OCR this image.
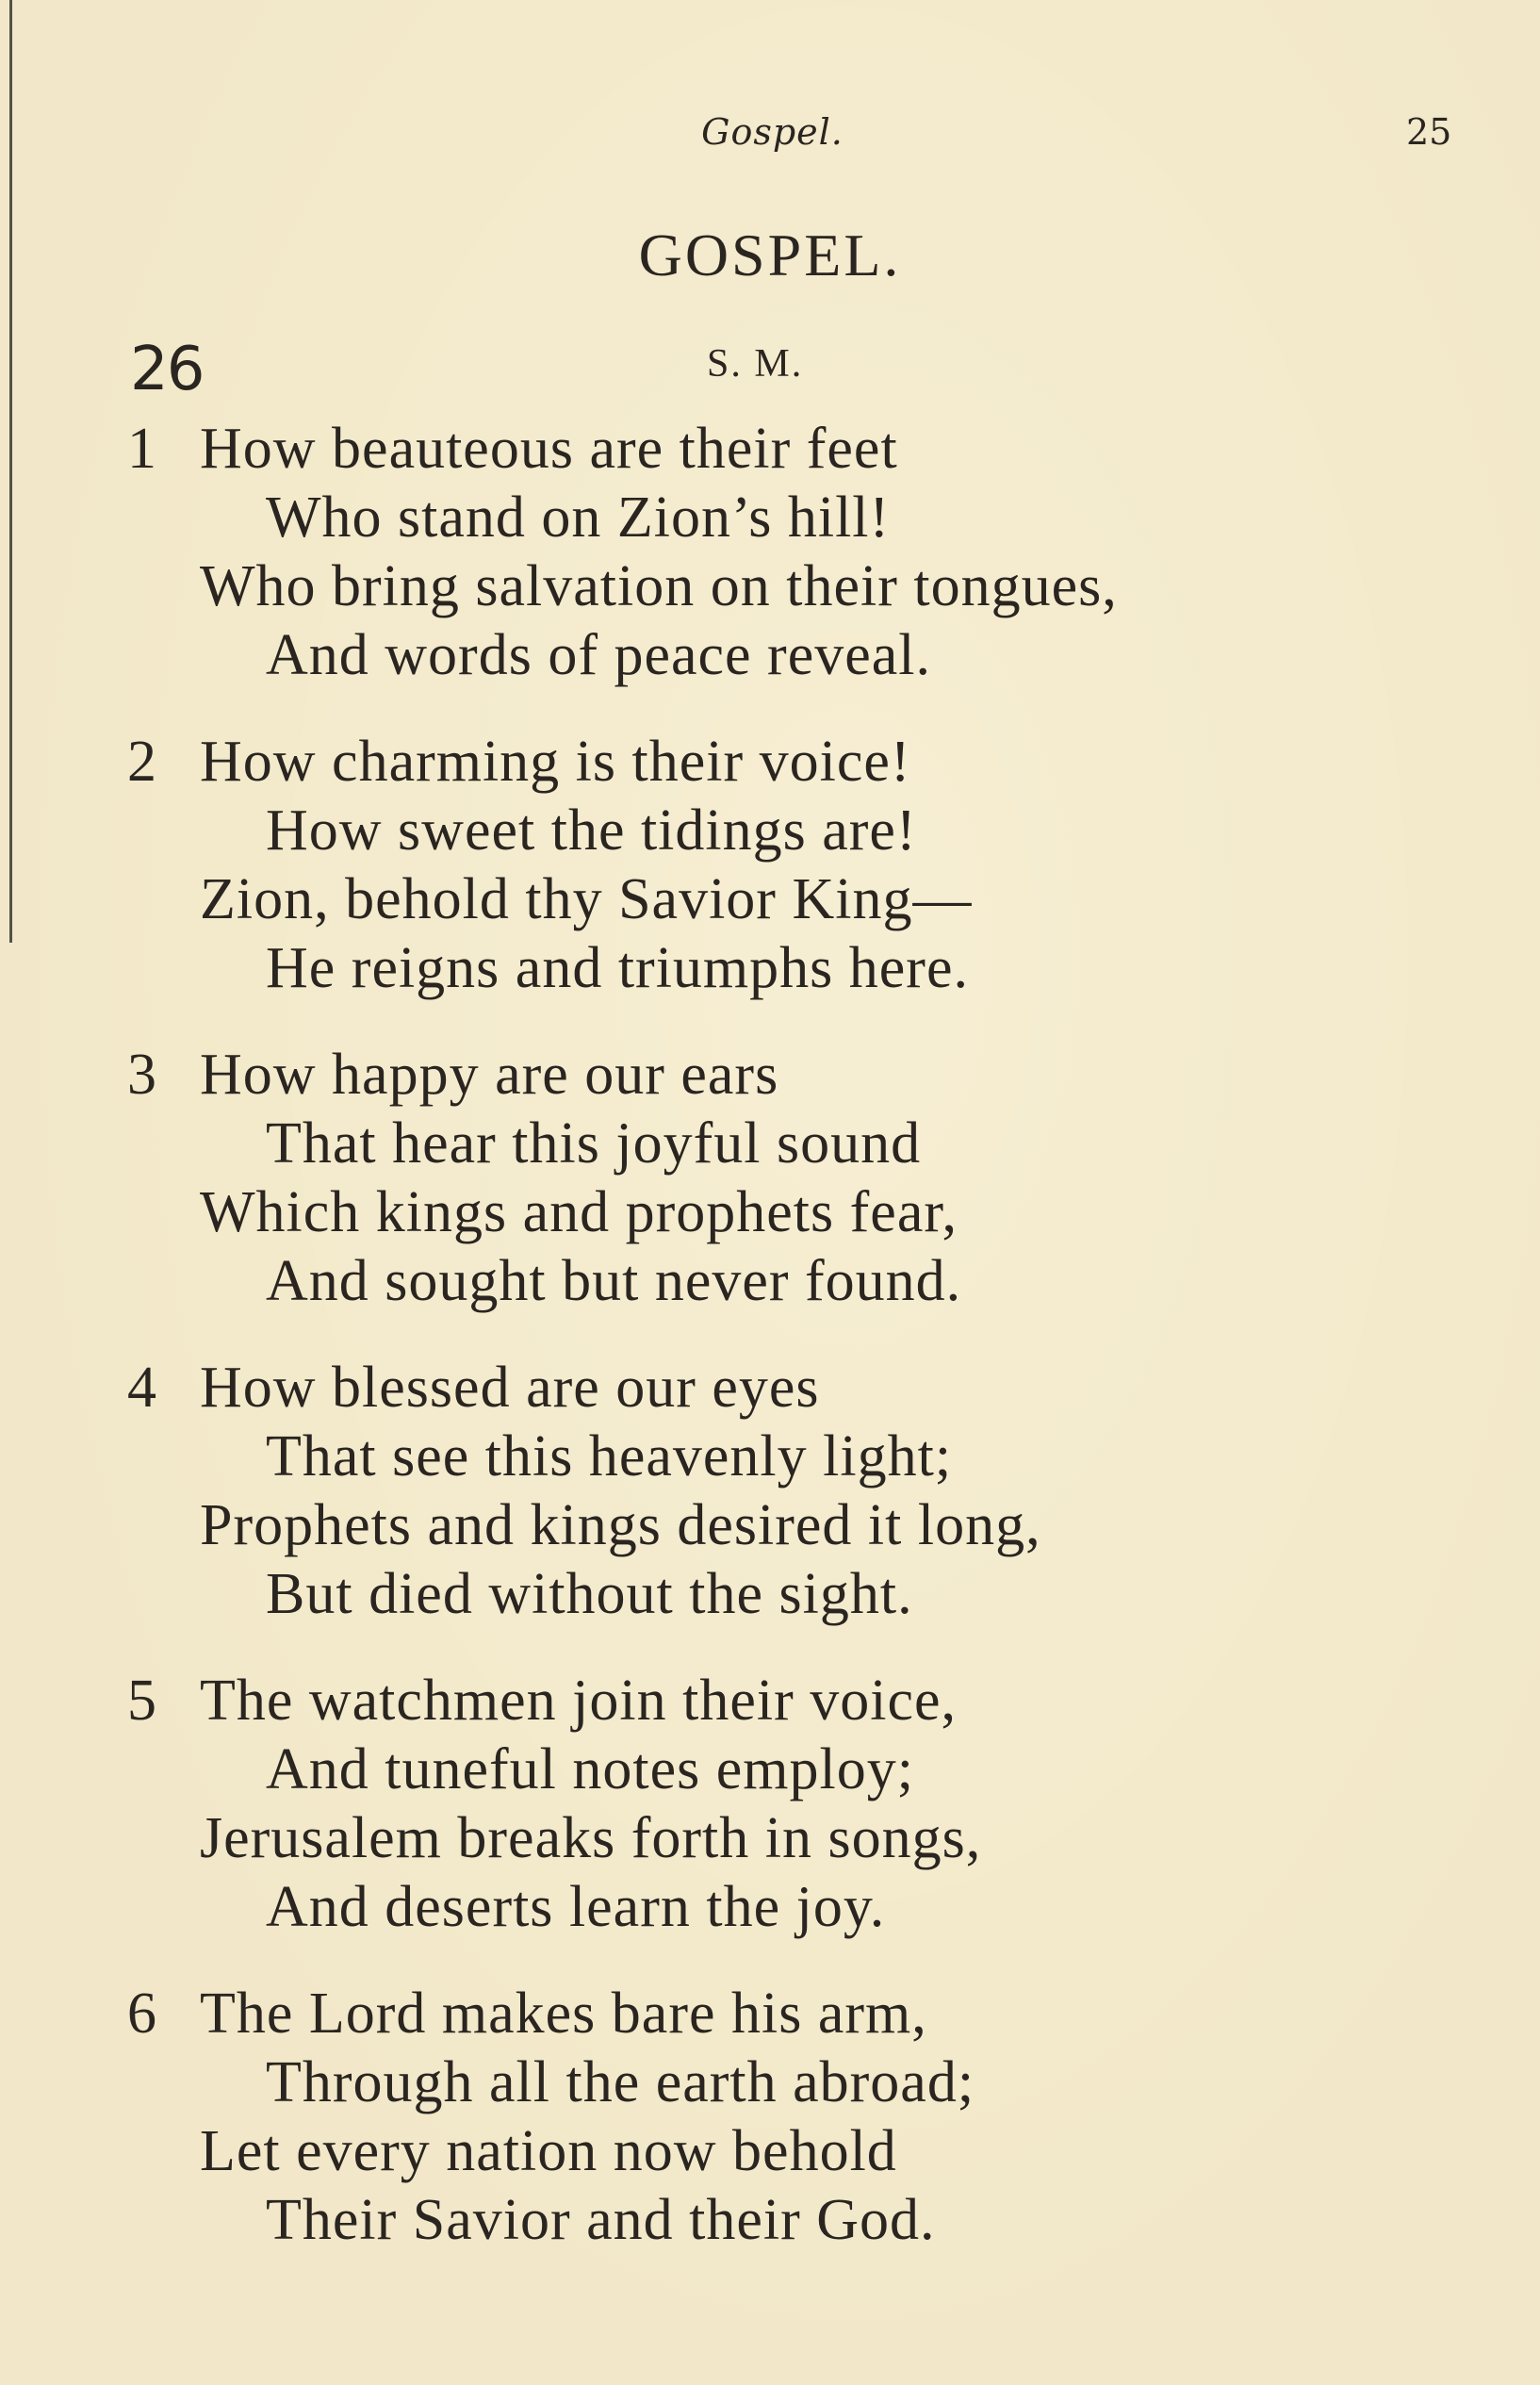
Gospel.	25
GOSPEL.
26	S. M.
1 How beauteous are their feet
Who stand on Zion’s hill!
Who bring salvation on their tongues,
And words of peace reveal.
2 How charming is their voice!
How sweet the tidings are!
Zion, behold thy Savior King—
He reigns and triumphs here.
3 How happy are our ears
That hear this joyful sound
Which kings and prophets fear,
And sought but never found.
4 How blessed are our eyes
That see this heavenly light;
Prophets and kings desired it long,
But died without the sight.
5 The watchmen join their voice,
And tuneful notes employ;
Jerusalem breaks forth in songs,
And deserts learn the joy.
6 The Lord makes bare his arm,
Through all the earth abroad;
Let every nation now behold
Their Savior and their God.
